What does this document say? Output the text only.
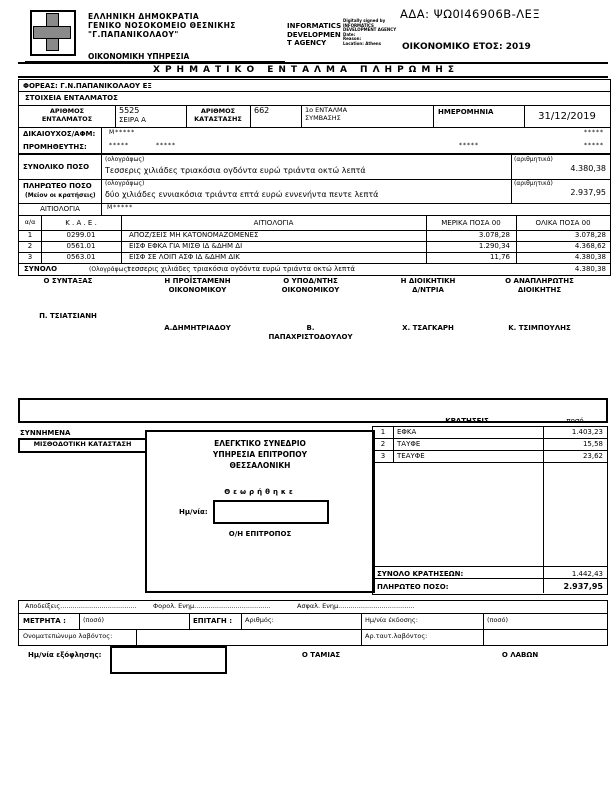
ΕΛΛΗΝΙΚΗ ΔΗΜΟΚΡΑΤΙΑ
ΓΕΝΙΚΟ ΝΟΣΟΚΟΜΕΙΟ ΘΕΣΝΙΚΗΣ
"Γ.ΠΑΠΑΝΙΚΟΛΑΟΥ"
ΟΙΚΟΝΟΜΙΚΗ ΥΠΗΡΕΣΙΑ
INFORMATICS
DEVELOPMEN
T AGENCY
Digitally signed by
INFORMATICS
DEVELOPMENT AGENCY
Date:
Reason:
Location: Athens
ΑΔΑ: ΨΩ0Ι46906Β-ΛΕΞ
ΟΙΚΟΝΟΜΙΚΟ ΕΤΟΣ: 2019
ΧΡΗΜΑΤΙΚΟ ΕΝΤΑΛΜΑ ΠΛΗΡΩΜΗΣ
ΦΟΡΕΑΣ: Γ.Ν.ΠΑΠΑΝΙΚΟΛΑΟΥ ΕΞ
ΣΤΟΙΧΕΙΑ ΕΝΤΑΛΜΑΤΟΣ
ΑΡΙΘΜΟΣ
ΕΝΤΑΛΜΑΤΟΣ
5525
ΣΕΙΡΑ Α
ΑΡΙΘΜΟΣ
ΚΑΤΑΣΤΑΣΗΣ
662	1ο ΕΝΤΑΛΜΑ
ΣΥΜΒΑΣΗΣ
ΗΜΕΡΟΜΗΝΙΑ	31/12/2019
ΔΙΚΑΙΟΥΧΟΣ/ΑΦΜ: Μ*****	*****
ΠΡΟΜΗΘΕΥΤΗΣ:	*****	*****	*****	*****
ΣΥΝΟΛΙΚΟ ΠΟΣΟ
(ολογράφως)
Τεσσερις χιλιάδες τριακόσια ογδόντα ευρώ τριάντα οκτώ λεπτά
(αριθμητικά)
4.380,38
ΠΛΗΡΩΤΕΟ ΠΟΣΟ
(Μείον οι κρατήσεις)
(ολογράφως)
δύο χιλιάδες εννιακόσια τριάντα επτά ευρώ εννενήντα πεντε λεπτά
(αριθμητικά)
2.937,95
ΑΙΤΙΟΛΟΓΙΑ	Μ*****
α/α	Κ . Α . Ε .	ΑΙΤΙΟΛΟΓΙΑ	ΜΕΡΙΚΑ ΠΟΣΑ 00	ΟΛΙΚΑ ΠΟΣΑ 00
1	0299.01	ΑΠΟΖ/ΣΕΙΣ ΜΗ ΚΑΤΟΝΟΜΑΖΟΜΕΝΕΣ	3.078,28	3.078,28
2	0561.01	ΕΙΣΦ ΕΦΚΑ ΓΙΑ ΜΙΣΘ ΙΔ &ΔΗΜ ΔΙ	1.290,34	4.368,62
3	0563.01	ΕΙΣΦ ΣΕ ΛΟΙΠ ΑΣΦ ΙΔ &ΔΗΜ ΔΙΚ	11,76	4.380,38
ΣΥΝΟΛΟ	(Ολογράφως)
τεσσερις χιλιάδες τριακόσια ογδόντα ευρώ τριάντα οκτώ λεπτά	4.380,38
Ο ΣΥΝΤΑΞΑΣ
Π. ΤΣΙΑΤΣΙΑΝΗ
Η ΠΡΟΪΣΤΑΜΕΝΗ
ΟΙΚΟΝΟΜΙΚΟΥ
Α.ΔΗΜΗΤΡΙΑΔΟΥ
Ο ΥΠΟΔ/ΝΤΗΣ
ΟΙΚΟΝΟΜΙΚΟΥ
Β.
ΠΑΠΑΧΡΙΣΤΟΔΟΥΛΟΥ
Η ΔΙΟΙΚΗΤΙΚΗ
Δ/ΝΤΡΙΑ
Χ. ΤΣΑΓΚΑΡΗ
Ο ΑΝΑΠΛΗΡΩΤΗΣ
ΔΙΟΙΚΗΤΗΣ
Κ. ΤΣΙΜΠΟΥΛΗΣ
ΚΡΑΤΗΣΕΙΣ	ποσό
ΣΥΝΝΗΜΕΝΑ
ΜΙΣΘΟΔΟΤΙΚΗ ΚΑΤΑΣΤΑΣΗ	ΕΛΕΓΚΤΙΚΟ ΣΥΝΕΔΡΙΟ
ΥΠΗΡΕΣΙΑ ΕΠΙΤΡΟΠΟΥ
ΘΕΣΣΑΛΟΝΙΚΗ
Θεωρήθηκε
Ημ/νία:
Ο/Η ΕΠΙΤΡΟΠΟΣ
1	ΕΦΚΑ	1.403,23
2	ΤΑΥΦΕ	15,58
3	ΤΕΑΥΦΕ	23,62
ΣΥΝΟΛΟ ΚΡΑΤΗΣΕΩΝ:	1.442,43
ΠΛΗΡΩΤΕΟ ΠΟΣΟ:	2.937,95
Αποδείξεις.....................................	Φορολ. Ενημ.....................................	Ασφαλ. Ενημ.....................................
ΜΕΤΡΗΤΑ :	(ποσό)	ΕΠΙΤΑΓΗ : Αριθμός:	Ημ/νία έκδοσης:	(ποσό)
Ονοματεπώνυμο λαβόντος:	Αρ.ταυτ.λαβόντος:
Ημ/νία εξόφλησης:	Ο ΤΑΜΙΑΣ	Ο ΛΑΒΩΝ
